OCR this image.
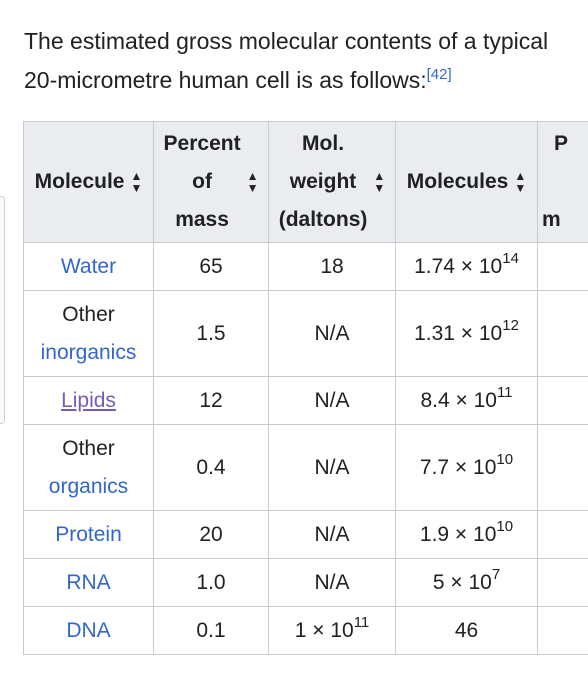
The estimated gross molecular contents of a typical 20-micrometre human cell is as follows:[42]
Molecule ▲
▼	Percent
of
mass
▲
▼	Mol.
weight
(daltons)
▲
▼	Molecules ▲
▼	P

m

Water	65	18	$1.74 \times 10^{14}$	
Other
inorganics	1.5	N/A	$1.31 \times 10^{12}$	
Lipids	12	N/A	$8.4 \times 10^{11}$	
Other
organics	0.4	N/A	$7.7 \times 10^{10}$	
Protein	20	N/A	$1.9 \times 10^{10}$	
RNA	1.0	N/A	$5 \times 10^7$	
DNA	0.1	$1 \times 10^{11}$	46	
